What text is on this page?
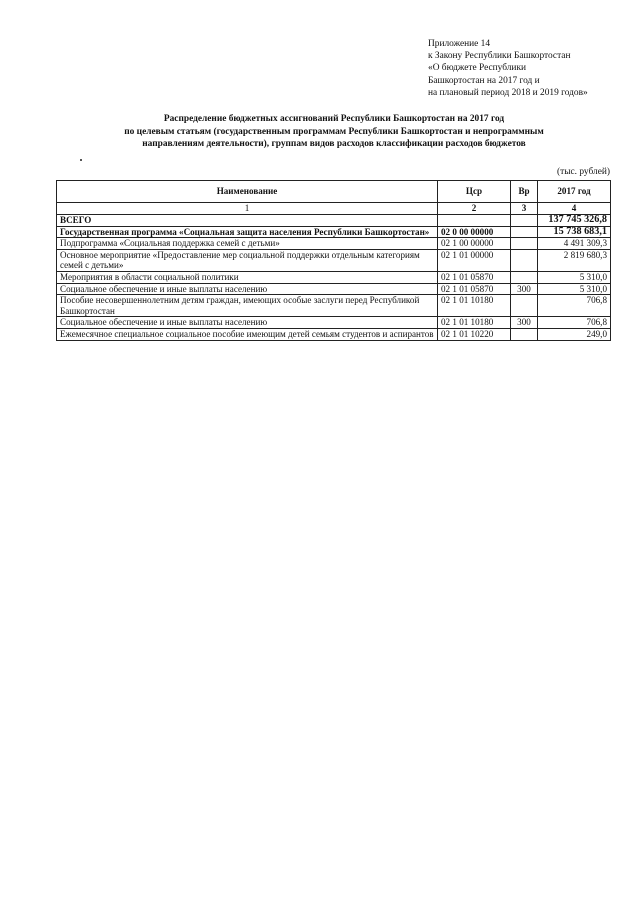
Приложение 14
к Закону Республики Башкортостан
«О бюджете Республики
Башкортостан на 2017 год и
на плановый период 2018 и 2019 годов»
Распределение бюджетных ассигнований Республики Башкортостан на 2017 год
по целевым статьям (государственным программам Республики Башкортостан и непрограммным
направлениям деятельности), группам видов расходов классификации расходов бюджетов
(тыс. рублей)
Наименование	Цср	Вр	2017 год
1	2	3	4
ВСЕГО			137 745 326,8
Государственная программа «Социальная защита населения Республики Башкортостан»	02 0 00 00000		15 738 683,1
Подпрограмма «Социальная поддержка семей с детьми»	02 1 00 00000		4 491 309,3
Основное мероприятие «Предоставление мер социальной поддержки отдельным категориям семей с детьми»	02 1 01 00000		2 819 680,3
Мероприятия в области социальной политики	02 1 01 05870		5 310,0
Социальное обеспечение и иные выплаты населению	02 1 01 05870	300	5 310,0
Пособие несовершеннолетним детям граждан, имеющих особые заслуги перед Республикой Башкортостан	02 1 01 10180		706,8
Социальное обеспечение и иные выплаты населению	02 1 01 10180	300	706,8
Ежемесячное специальное социальное пособие имеющим детей семьям студентов и аспирантов	02 1 01 10220		249,0
